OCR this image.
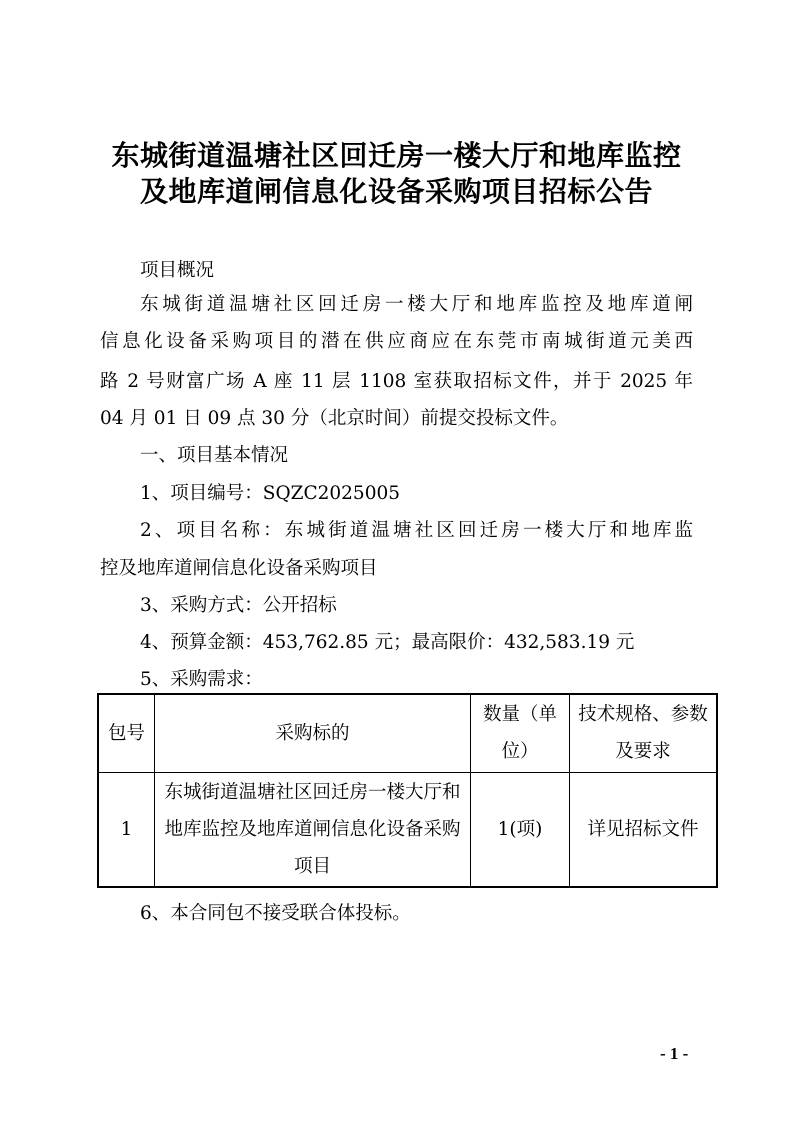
东城街道温塘社区回迁房一楼大厅和地库监控
及地库道闸信息化设备采购项目招标公告
项目概况
东城街道温塘社区回迁房一楼大厅和地库监控及地库道闸
信息化设备采购项目的潜在供应商应在东莞市南城街道元美西
路 2 号财富广场 A 座 11 层 1108 室获取招标文件，并于 2025 年
04 月 01 日 09 点 30 分（北京时间）前提交投标文件。
一、项目基本情况
1、项目编号：SQZC2025005
2、项目名称：东城街道温塘社区回迁房一楼大厅和地库监
控及地库道闸信息化设备采购项目
3、采购方式：公开招标
4、预算金额：453,762.85 元；最高限价：432,583.19 元
5、采购需求：
包号	采购标的	数量（单位）	技术规格、参数及要求
1	东城街道温塘社区回迁房一楼大厅和地库监控及地库道闸信息化设备采购项目	1(项)	详见招标文件
6、本合同包不接受联合体投标。
- 1 -
